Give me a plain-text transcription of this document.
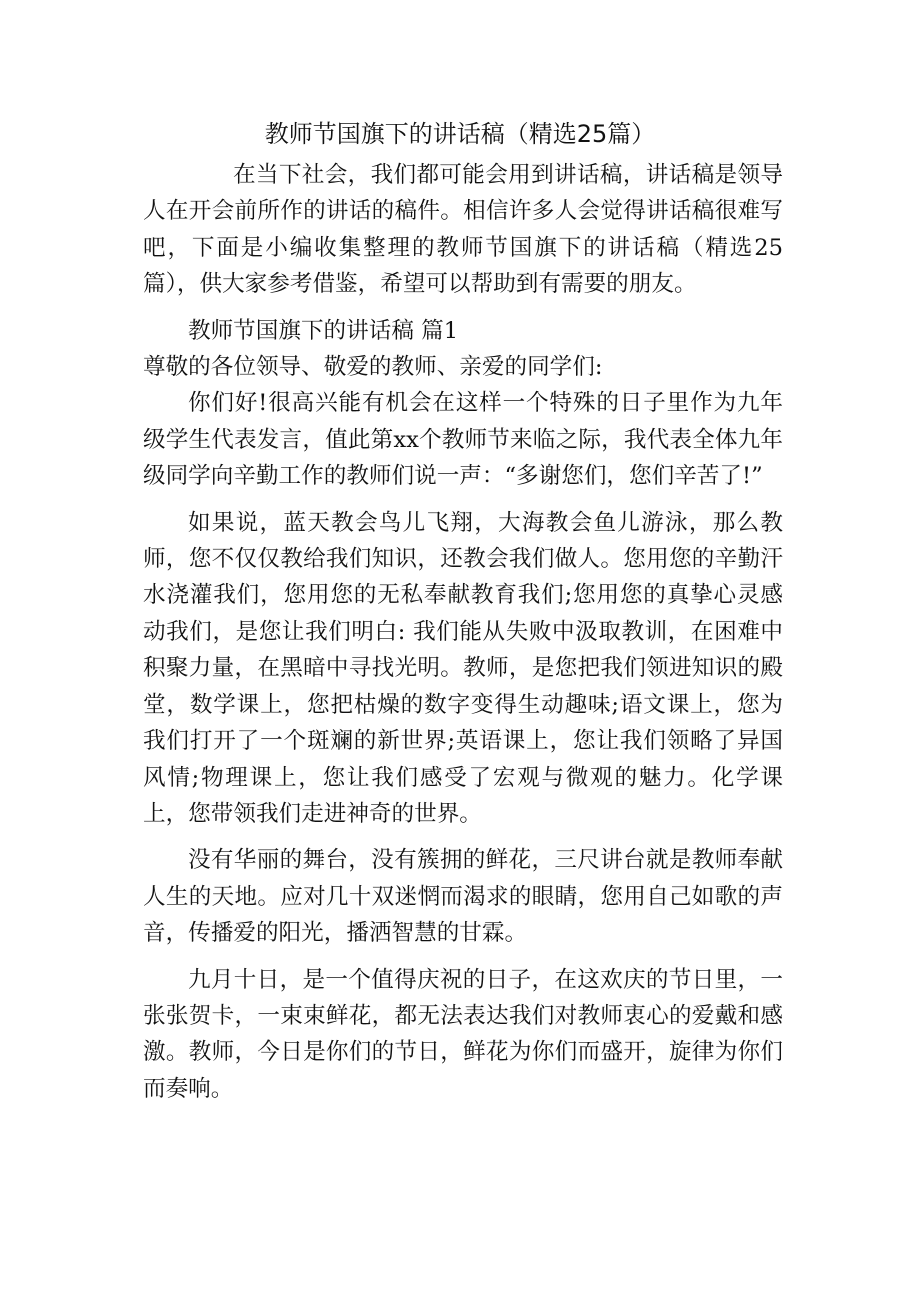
教师节国旗下的讲话稿（精选25篇）

在当下社会，我们都可能会用到讲话稿，讲话稿是领导人在开会前所作的讲话的稿件。相信许多人会觉得讲话稿很难写吧，下面是小编收集整理的教师节国旗下的讲话稿（精选25篇），供大家参考借鉴，希望可以帮助到有需要的朋友。

教师节国旗下的讲话稿 篇1

尊敬的各位领导、敬爱的教师、亲爱的同学们:

你们好!很高兴能有机会在这样一个特殊的日子里作为九年级学生代表发言，值此第xx个教师节来临之际，我代表全体九年级同学向辛勤工作的教师们说一声：“多谢您们，您们辛苦了!”

如果说，蓝天教会鸟儿飞翔，大海教会鱼儿游泳，那么教师，您不仅仅教给我们知识，还教会我们做人。您用您的辛勤汗水浇灌我们，您用您的无私奉献教育我们;您用您的真挚心灵感动我们，是您让我们明白: 我们能从失败中汲取教训，在困难中积聚力量，在黑暗中寻找光明。教师，是您把我们领进知识的殿堂，数学课上，您把枯燥的数字变得生动趣味;语文课上，您为我们打开了一个斑斓的新世界;英语课上，您让我们领略了异国风情;物理课上，您让我们感受了宏观与微观的魅力。化学课上，您带领我们走进神奇的世界。

没有华丽的舞台，没有簇拥的鲜花，三尺讲台就是教师奉献人生的天地。应对几十双迷惘而渴求的眼睛，您用自己如歌的声音，传播爱的阳光，播洒智慧的甘霖。

九月十日，是一个值得庆祝的日子，在这欢庆的节日里，一张张贺卡，一束束鲜花，都无法表达我们对教师衷心的爱戴和感激。教师，今日是你们的节日，鲜花为你们而盛开，旋律为你们而奏响。
